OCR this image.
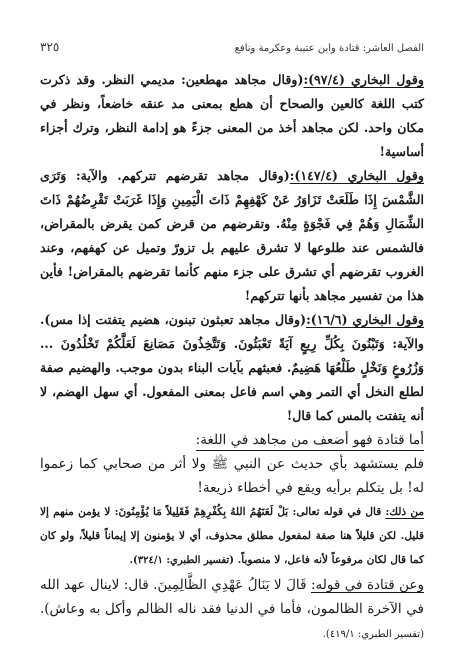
الفصل العاشر: قتادة وابن عتيبة وعكرمة ونافع
٣٢٥

وقول البخاري (٩٧/٤):(وقال مجاهد مهطعين: مديمي النظر. وقد ذكرت كتب اللغة كالعين والصحاح أن هطع بمعنى مد عنقه خاضعاً، ونظر في مكان واحد. لكن مجاهد أخذ من المعنى جزءً هو إدامة النظر، وترك أجزاء أساسية!

وقول البخاري (١٤٧/٤):(وقال مجاهد تقرضهم تتركهم. والآية: وَتَرَى الشَّمْسَ إِذَا طَلَعَتْ تَزَاوَرُ عَنْ كَهْفِهِمْ ذَاتَ الْيَمِينِ وَإِذَا غَرَبَتْ تَقْرِضُهُمْ ذَاتَ الشِّمَالِ وَهُمْ فِي فَجْوَةٍ مِنْهُ. وتقرضهم من قرض كمن يقرض بالمقراض، فالشمس عند طلوعها لا تشرق عليهم بل تزورّ وتميل عن كهفهم، وعند الغروب تقرضهم أي تشرق على جزء منهم كأنما تقرضهم بالمقراض! فأين هذا من تفسير مجاهد بأنها تتركهم!

وقول البخاري (١٦/٦):(وقال مجاهد تعبثون تبنون، هضيم يتفتت إذا مس). والآية: وَتَبْنُونَ بِكُلِّ رِيعٍ آيَةً تَعْبَثُونَ. وَتَتَّخِذُونَ مَصَانِعَ لَعَلَّكُمْ تَخْلُدُونَ ... وَزُرُوعٍ وَنَخْلٍ طَلْعُهَا هَضِيمٌ. فعبثهم بآيات البناء بدون موجب. والهضيم صفة لطلع النخل أي التمر وهي اسم فاعل بمعنى المفعول. أي سهل الهضم، لا أنه يتفتت بالمس كما قال!

أما قتادة فهو أضعف من مجاهد في اللغة:

فلم يستشهد بأي حديث عن النبي ﷺ ولا أثر من صحابي كما زعموا له! بل يتكلم برأيه ويقع في أخطاء ذريعة!

من ذلك: قال في قوله تعالى: بَلْ لَعَنَهُمُ اللهُ بِكُفْرِهِمْ فَقَلِيلاً مَا يُؤْمِنُونَ: لا يؤمن منهم إلا قليل. لكن قليلاً هنا صفة لمفعول مطلق محذوف، أي لا يؤمنون إلا إيماناً قليلاً، ولو كان كما قال لكان مرفوعاً لأنه فاعل، لا منصوباً. (تفسير الطبري: ٣٢٤/١).

وعن قتادة في قوله: قَالَ لا يَنَالُ عَهْدِي الظَّالِمِينَ. قال: لاينال عهد الله في الآخرة الظالمون، فأما في الدنيا فقد ناله الظالم وأكل به وعاش). (تفسير الطبري: ٤١٩/١).
